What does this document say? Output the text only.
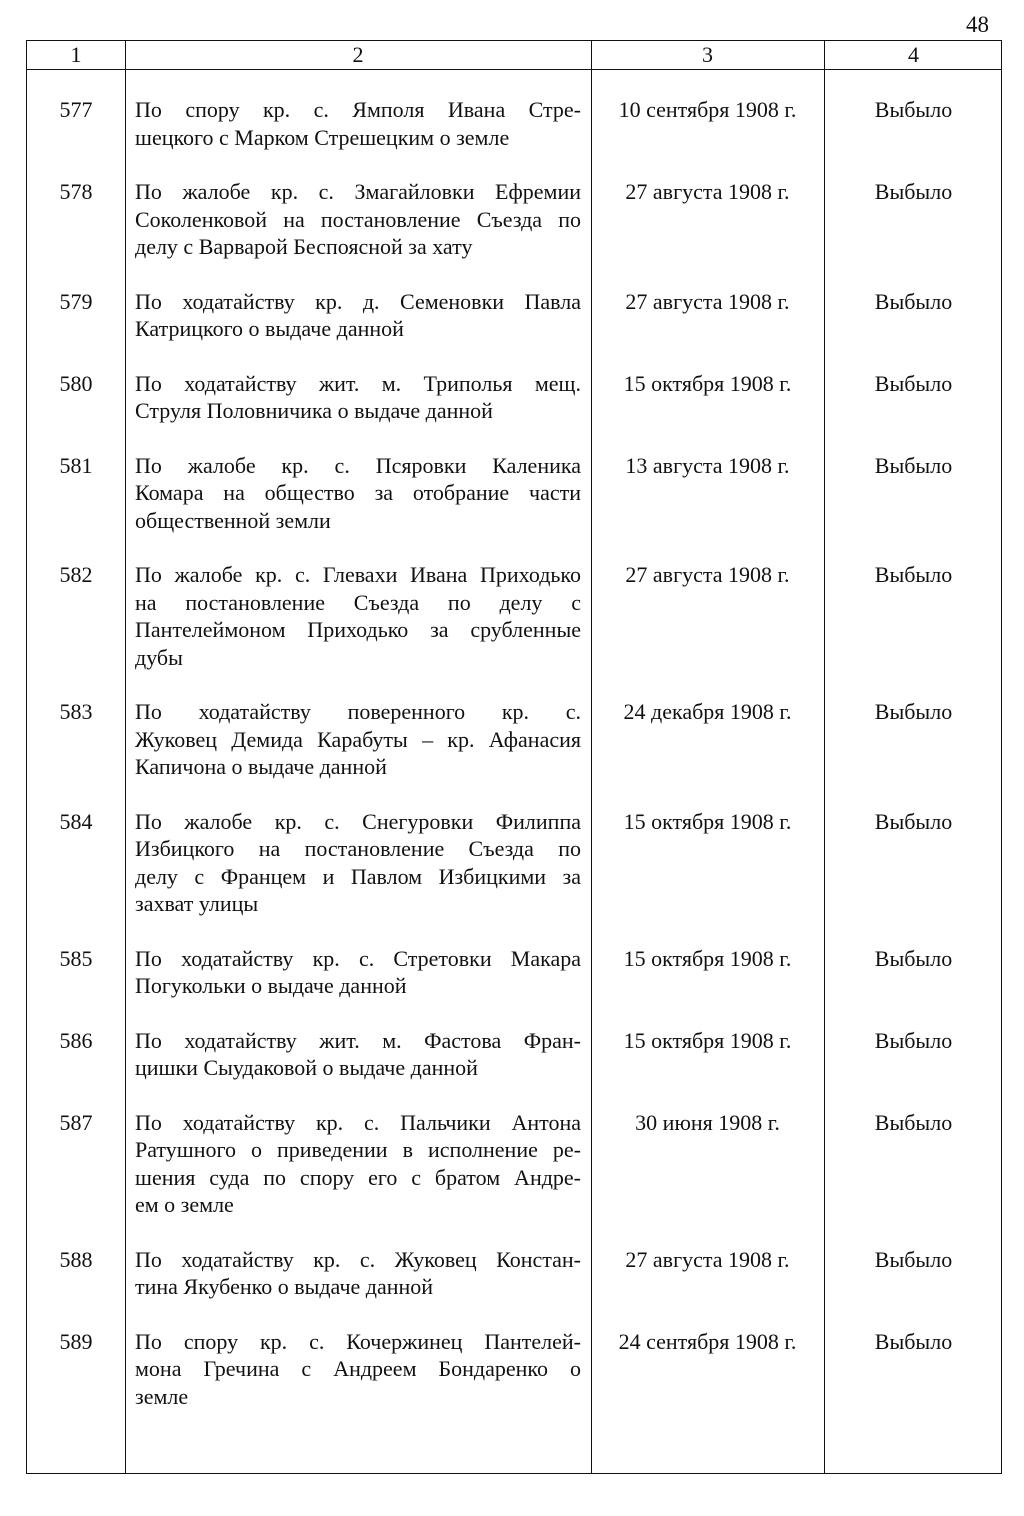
48
1	2	3	4
577	По спору кр. с. Ямполя Ивана Стре-
шецкого с Марком Стрешецким о земле
10 сентября 1908 г.	Выбыло
578	По жалобе кр. с. Змагайловки Ефремии
Соколенковой на постановление Съезда по
делу с Варварой Беспоясной за хату
27 августа 1908 г.	Выбыло
579	По ходатайству кр. д. Семеновки Павла
Катрицкого о выдаче данной
27 августа 1908 г.	Выбыло
580	По ходатайству жит. м. Триполья мещ.
Струля Половничика о выдаче данной
15 октября 1908 г.	Выбыло
581	По жалобе кр. с. Псяровки Каленика
Комара на общество за отобрание части
общественной земли
13 августа 1908 г.	Выбыло
582	По жалобе кр. с. Глевахи Ивана Приходько
на постановление Съезда по делу с
Пантелеймоном Приходько за срубленные
дубы
27 августа 1908 г.	Выбыло
583	По ходатайству поверенного кр. с.
Жуковец Демида Карабуты – кр. Афанасия
Капичона о выдаче данной
24 декабря 1908 г.	Выбыло
584	По жалобе кр. с. Снегуровки Филиппа
Избицкого на постановление Съезда по
делу с Францем и Павлом Избицкими за
захват улицы
15 октября 1908 г.	Выбыло
585	По ходатайству кр. с. Стретовки Макара
Погукольки о выдаче данной
15 октября 1908 г.	Выбыло
586	По ходатайству жит. м. Фастова Фран-
цишки Сыудаковой о выдаче данной
15 октября 1908 г.	Выбыло
587	По ходатайству кр. с. Пальчики Антона
Ратушного о приведении в исполнение ре-
шения суда по спору его с братом Андре-
ем о земле
30 июня 1908 г.	Выбыло
588	По ходатайству кр. с. Жуковец Констан-
тина Якубенко о выдаче данной
27 августа 1908 г.	Выбыло
589	По спору кр. с. Кочержинец Пантелей-
мона Гречина с Андреем Бондаренко о
земле
24 сентября 1908 г.	Выбыло
